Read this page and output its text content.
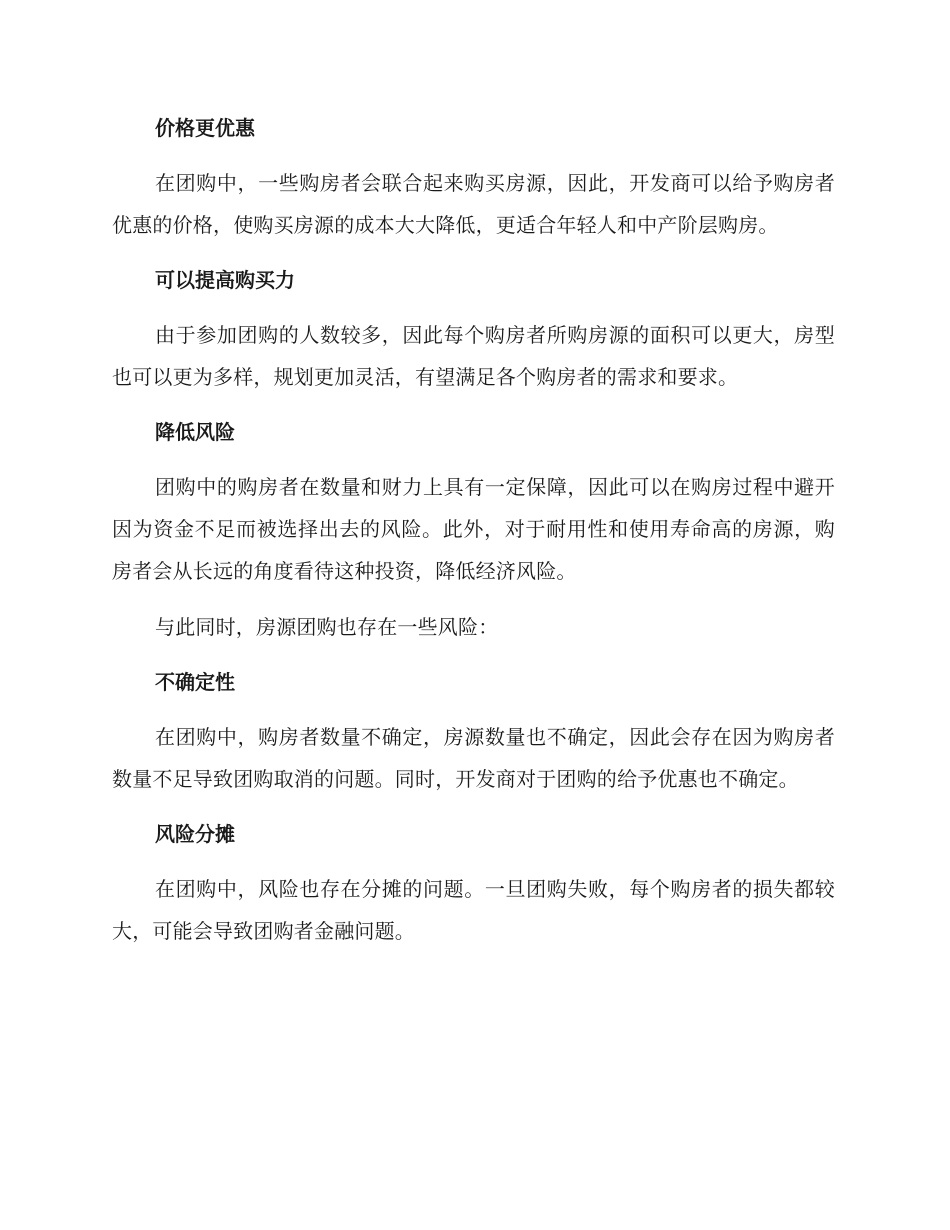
价格更优惠

在团购中，一些购房者会联合起来购买房源，因此，开发商可以给予购房者优惠的价格，使购买房源的成本大大降低，更适合年轻人和中产阶层购房。

可以提高购买力

由于参加团购的人数较多，因此每个购房者所购房源的面积可以更大，房型也可以更为多样，规划更加灵活，有望满足各个购房者的需求和要求。

降低风险

团购中的购房者在数量和财力上具有一定保障，因此可以在购房过程中避开因为资金不足而被选择出去的风险。此外，对于耐用性和使用寿命高的房源，购房者会从长远的角度看待这种投资，降低经济风险。

与此同时，房源团购也存在一些风险：

不确定性

在团购中，购房者数量不确定，房源数量也不确定，因此会存在因为购房者数量不足导致团购取消的问题。同时，开发商对于团购的给予优惠也不确定。

风险分摊

在团购中，风险也存在分摊的问题。一旦团购失败，每个购房者的损失都较大，可能会导致团购者金融问题。
